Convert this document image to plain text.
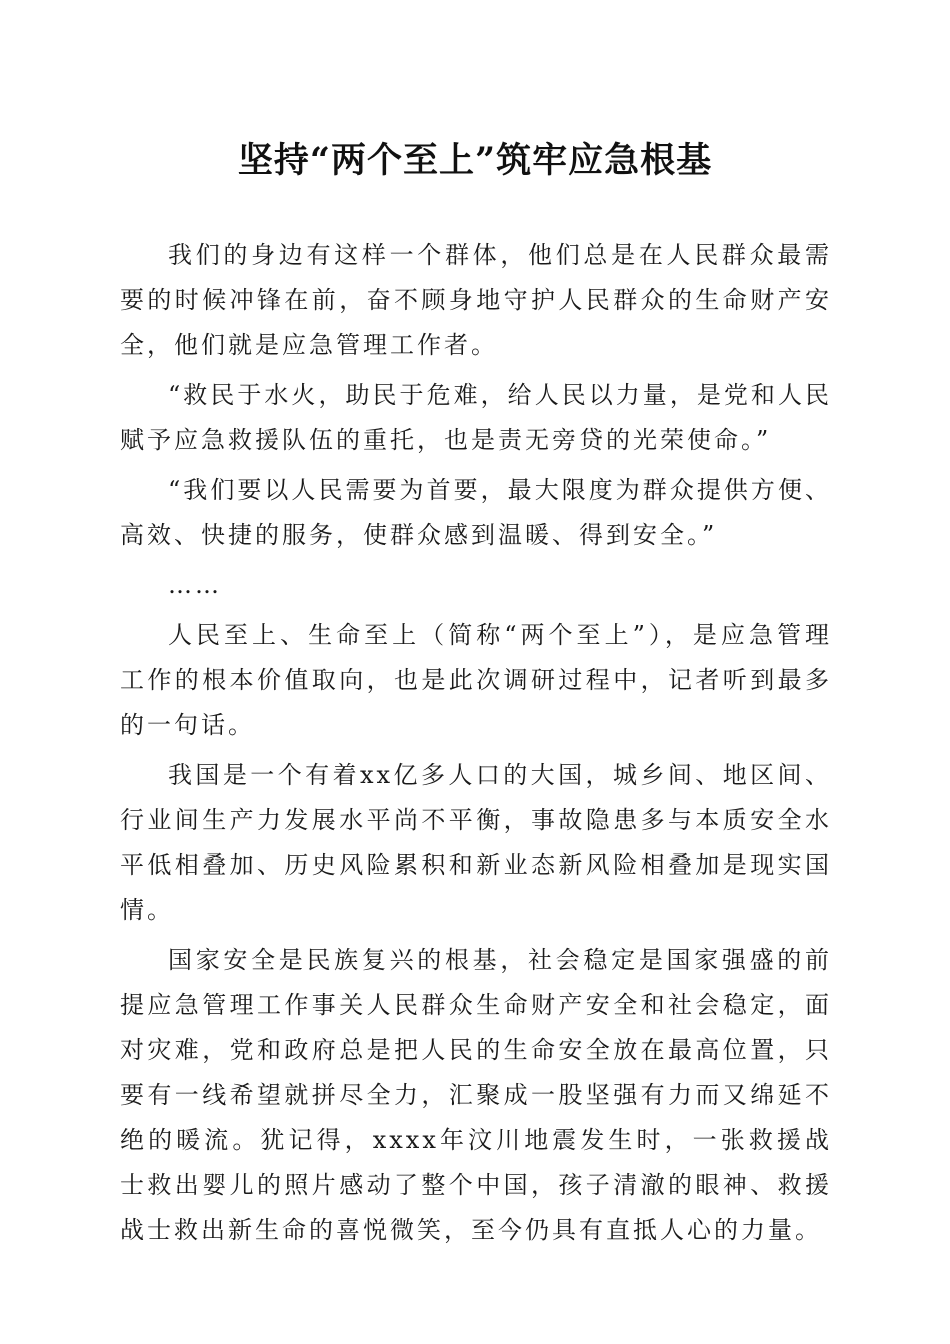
坚持“两个至上”筑牢应急根基

我们的身边有这样一个群体，他们总是在人民群众最需要的时候冲锋在前，奋不顾身地守护人民群众的生命财产安全，他们就是应急管理工作者。

“救民于水火，助民于危难，给人民以力量，是党和人民赋予应急救援队伍的重托，也是责无旁贷的光荣使命。”

“我们要以人民需要为首要，最大限度为群众提供方便、高效、快捷的服务，使群众感到温暖、得到安全。”

……

人民至上、生命至上（简称“两个至上”），是应急管理工作的根本价值取向，也是此次调研过程中，记者听到最多的一句话。

我国是一个有着xx亿多人口的大国，城乡间、地区间、行业间生产力发展水平尚不平衡，事故隐患多与本质安全水平低相叠加、历史风险累积和新业态新风险相叠加是现实国情。

国家安全是民族复兴的根基，社会稳定是国家强盛的前提应急管理工作事关人民群众生命财产安全和社会稳定，面对灾难，党和政府总是把人民的生命安全放在最高位置，只要有一线希望就拼尽全力，汇聚成一股坚强有力而又绵延不绝的暖流。犹记得，xxxx年汶川地震发生时，一张救援战士救出婴儿的照片感动了整个中国，孩子清澈的眼神、救援战士救出新生命的喜悦微笑，至今仍具有直抵人心的力量。
